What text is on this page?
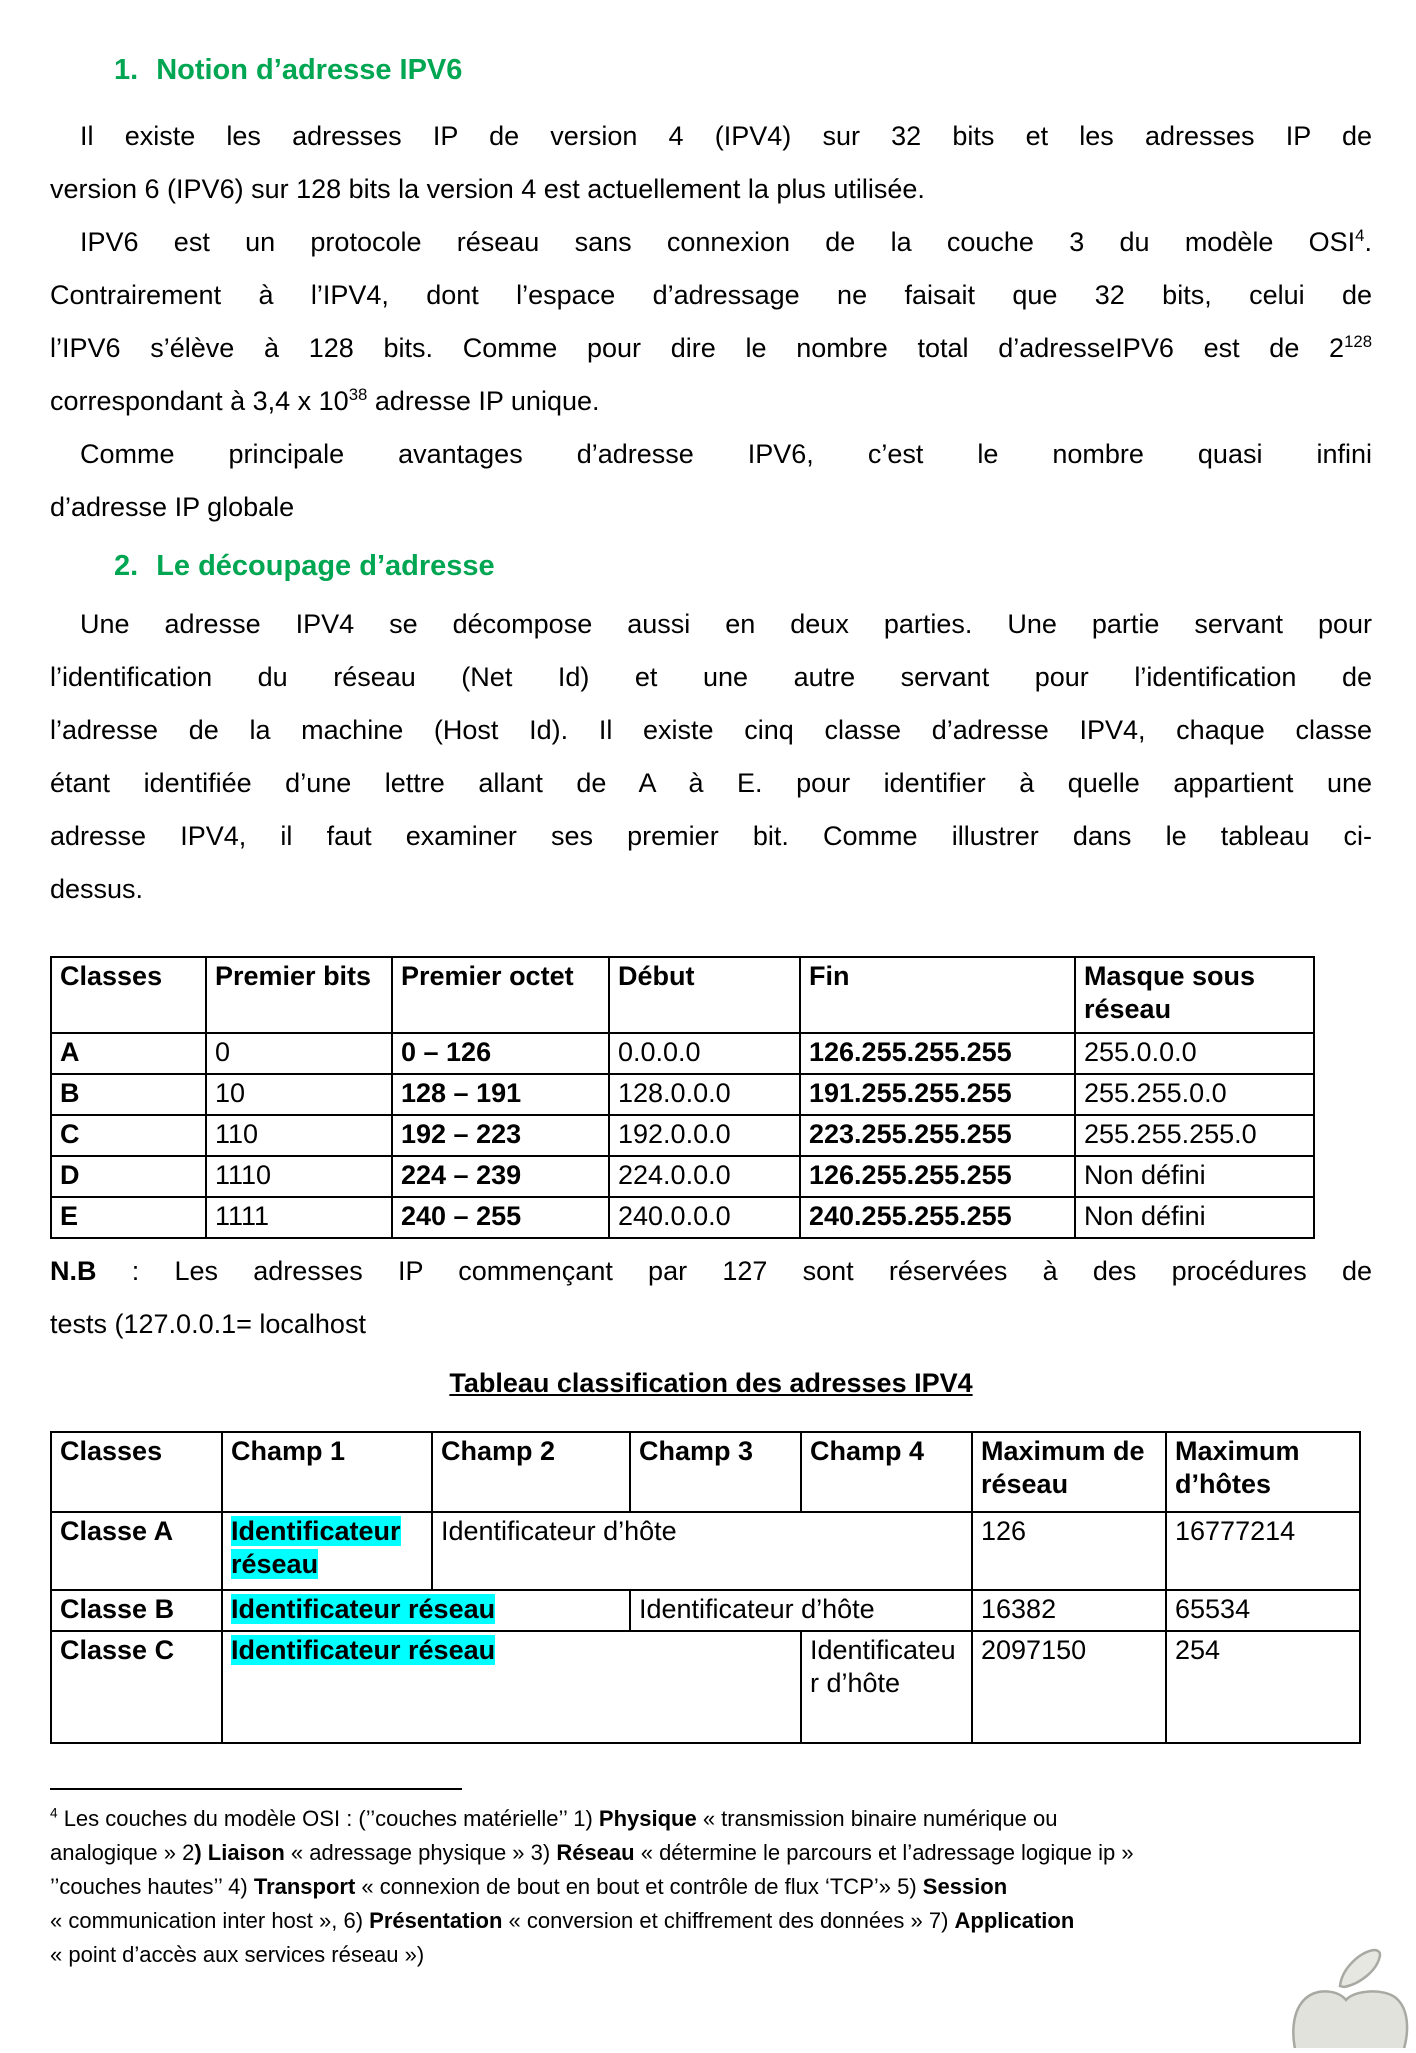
1. Notion d’adresse IPV6
Il existe les adresses IP de version 4 (IPV4) sur 32 bits et les adresses IP de
version 6 (IPV6) sur 128 bits la version 4 est actuellement la plus utilisée.
IPV6 est un protocole réseau sans connexion de la couche 3 du modèle OSI$^4$.
Contrairement à l’IPV4, dont l’espace d’adressage ne faisait que 32 bits, celui de
l’IPV6 s’élève à 128 bits. Comme pour dire le nombre total d’adresseIPV6 est de $2^{128}$
correspondant à 3,4 x $10^{38}$ adresse IP unique.
Comme principale avantages d’adresse IPV6, c’est le nombre quasi infini
d’adresse IP globale
2. Le découpage d’adresse
Une adresse IPV4 se décompose aussi en deux parties. Une partie servant pour
l’identification du réseau (Net Id) et une autre servant pour l’identification de
l’adresse de la machine (Host Id). Il existe cinq classe d’adresse IPV4, chaque classe
étant identifiée d’une lettre allant de A à E. pour identifier à quelle appartient une
adresse IPV4, il faut examiner ses premier bit. Comme illustrer dans le tableau ci-
dessus.
Classes	Premier bits	Premier octet	Début	Fin	Masque sous réseau
A	0	0 – 126	0.0.0.0	126.255.255.255	255.0.0.0
B	10	128 – 191	128.0.0.0	191.255.255.255	255.255.0.0
C	110	192 – 223	192.0.0.0	223.255.255.255	255.255.255.0
D	1110	224 – 239	224.0.0.0	126.255.255.255	Non défini
E	1111	240 – 255	240.0.0.0	240.255.255.255	Non défini
N.B : Les adresses IP commençant par 127 sont réservées à des procédures de
tests (127.0.0.1= localhost
Tableau classification des adresses IPV4
Classes	Champ 1	Champ 2	Champ 3	Champ 4	Maximum de réseau	Maximum d’hôtes
Classe A	Identificateur réseau	Identificateur d’hôte			126	16777214
Classe B	Identificateur réseau		Identificateur d’hôte		16382	65534
Classe C	Identificateur réseau			Identificateur d’hôte	2097150	254
$^4$ Les couches du modèle OSI : (’’couches matérielle’’ 1) Physique « transmission binaire numérique ou
analogique » 2) Liaison « adressage physique » 3) Réseau « détermine le parcours et l’adressage logique ip »
’’couches hautes’’ 4) Transport « connexion de bout en bout et contrôle de flux ‘TCP’» 5) Session
« communication inter host », 6) Présentation « conversion et chiffrement des données » 7) Application
« point d’accès aux services réseau »)
